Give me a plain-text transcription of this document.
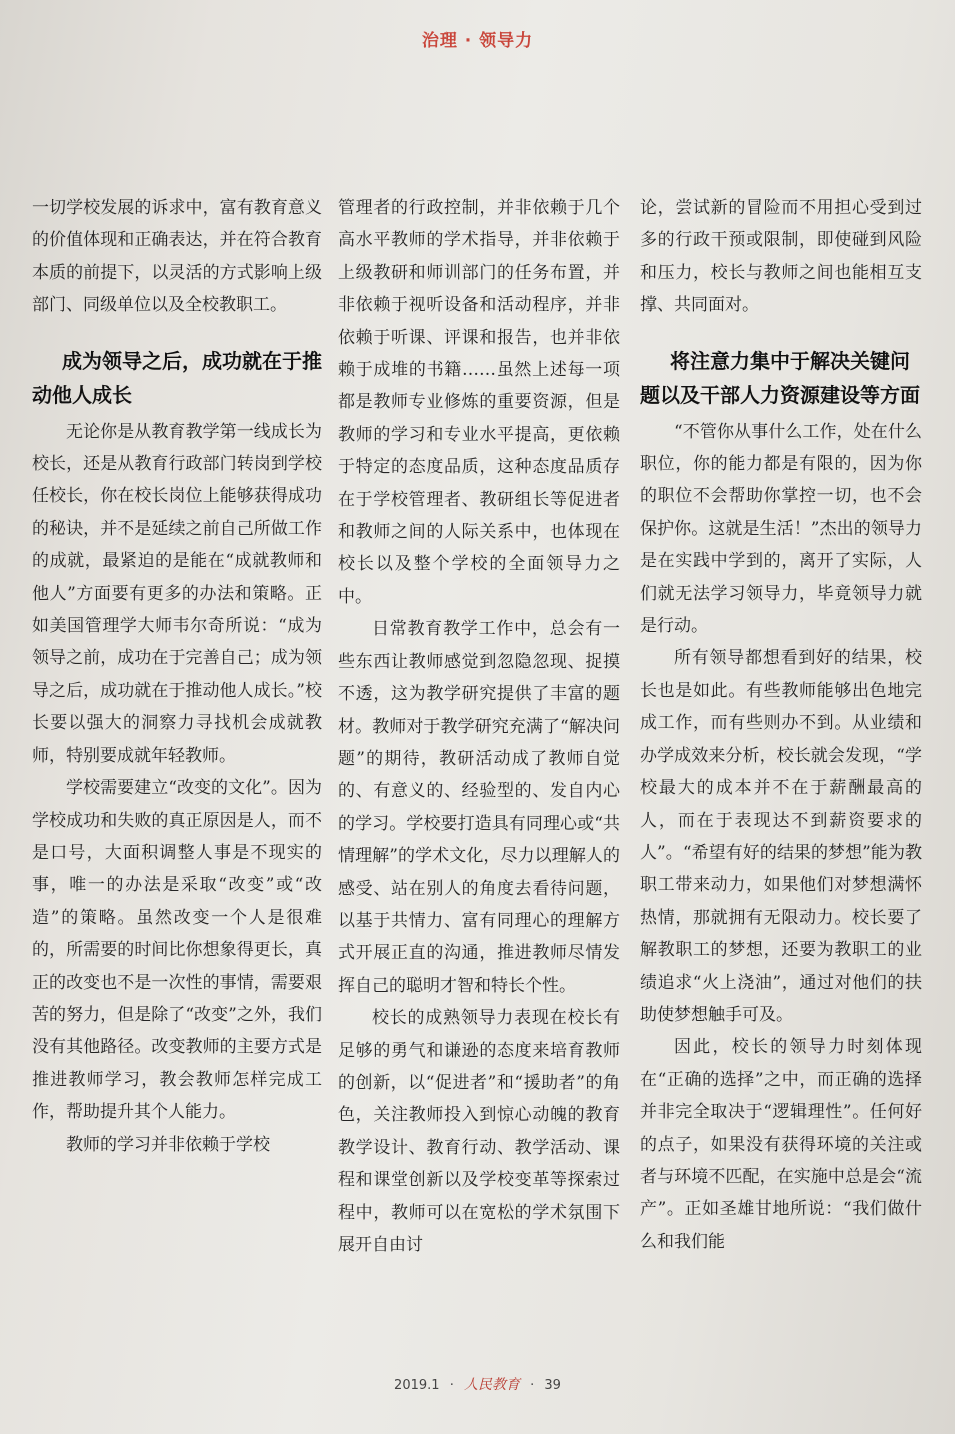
治理 · 领导力

一切学校发展的诉求中，富有教育意义的价值体现和正确表达，并在符合教育本质的前提下，以灵活的方式影响上级部门、同级单位以及全校教职工。

成为领导之后，成功就在于推动他人成长

无论你是从教育教学第一线成长为校长，还是从教育行政部门转岗到学校任校长，你在校长岗位上能够获得成功的秘诀，并不是延续之前自己所做工作的成就，最紧迫的是能在“成就教师和他人”方面要有更多的办法和策略。正如美国管理学大师韦尔奇所说：“成为领导之前，成功在于完善自己；成为领导之后，成功就在于推动他人成长。”校长要以强大的洞察力寻找机会成就教师，特别要成就年轻教师。

学校需要建立“改变的文化”。因为学校成功和失败的真正原因是人，而不是口号，大面积调整人事是不现实的事，唯一的办法是采取“改变”或“改造”的策略。虽然改变一个人是很难的，所需要的时间比你想象得更长，真正的改变也不是一次性的事情，需要艰苦的努力，但是除了“改变”之外，我们没有其他路径。改变教师的主要方式是推进教师学习，教会教师怎样完成工作，帮助提升其个人能力。

教师的学习并非依赖于学校

管理者的行政控制，并非依赖于几个高水平教师的学术指导，并非依赖于上级教研和师训部门的任务布置，并非依赖于视听设备和活动程序，并非依赖于听课、评课和报告，也并非依赖于成堆的书籍……虽然上述每一项都是教师专业修炼的重要资源，但是教师的学习和专业水平提高，更依赖于特定的态度品质，这种态度品质存在于学校管理者、教研组长等促进者和教师之间的人际关系中，也体现在校长以及整个学校的全面领导力之中。

日常教育教学工作中，总会有一些东西让教师感觉到忽隐忽现、捉摸不透，这为教学研究提供了丰富的题材。教师对于教学研究充满了“解决问题”的期待，教研活动成了教师自觉的、有意义的、经验型的、发自内心的学习。学校要打造具有同理心或“共情理解”的学术文化，尽力以理解人的感受、站在别人的角度去看待问题，以基于共情力、富有同理心的理解方式开展正直的沟通，推进教师尽情发挥自己的聪明才智和特长个性。

校长的成熟领导力表现在校长有足够的勇气和谦逊的态度来培育教师的创新，以“促进者”和“援助者”的角色，关注教师投入到惊心动魄的教育教学设计、教育行动、教学活动、课程和课堂创新以及学校变革等探索过程中，教师可以在宽松的学术氛围下展开自由讨

论，尝试新的冒险而不用担心受到过多的行政干预或限制，即使碰到风险和压力，校长与教师之间也能相互支撑、共同面对。

将注意力集中于解决关键问题以及干部人力资源建设等方面

“不管你从事什么工作，处在什么职位，你的能力都是有限的，因为你的职位不会帮助你掌控一切，也不会保护你。这就是生活！”杰出的领导力是在实践中学到的，离开了实际，人们就无法学习领导力，毕竟领导力就是行动。

所有领导都想看到好的结果，校长也是如此。有些教师能够出色地完成工作，而有些则办不到。从业绩和办学成效来分析，校长就会发现，“学校最大的成本并不在于薪酬最高的人，而在于表现达不到薪资要求的人”。“希望有好的结果的梦想”能为教职工带来动力，如果他们对梦想满怀热情，那就拥有无限动力。校长要了解教职工的梦想，还要为教职工的业绩追求“火上浇油”，通过对他们的扶助使梦想触手可及。

因此，校长的领导力时刻体现在“正确的选择”之中，而正确的选择并非完全取决于“逻辑理性”。任何好的点子，如果没有获得环境的关注或者与环境不匹配，在实施中总是会“流产”。正如圣雄甘地所说：“我们做什么和我们能

2019.1 · 人民教育 · 39
